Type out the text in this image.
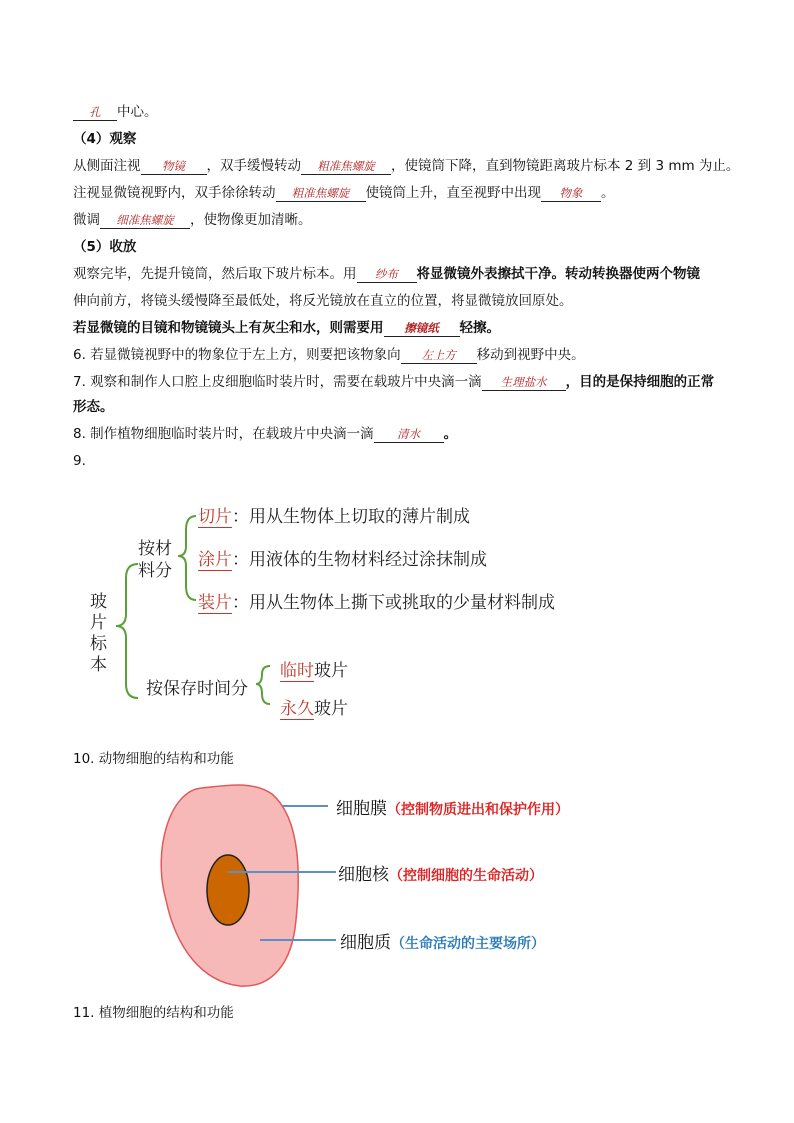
孔 中心。
（4）观察
从侧面注视 物镜 ，双手缓慢转动 粗准焦螺旋 ，使镜筒下降，直到物镜距离玻片标本 2 到 3 mm 为止。
注视显微镜视野内，双手徐徐转动 粗准焦螺旋 使镜筒上升，直至视野中出现 物象 。
微调 细准焦螺旋 ，使物像更加清晰。
（5）收放
观察完毕，先提升镜筒，然后取下玻片标本。用 纱布 将显微镜外表擦拭干净。转动转换器使两个物镜
伸向前方，将镜头缓慢降至最低处，将反光镜放在直立的位置，将显微镜放回原处。
若显微镜的目镜和物镜镜头上有灰尘和水，则需要用 擦镜纸 轻擦。
6. 若显微镜视野中的物象位于左上方，则要把该物象向 左上方 移动到视野中央。
7. 观察和制作人口腔上皮细胞临时装片时，需要在载玻片中央滴一滴 生理盐水 ，目的是保持细胞的正常
形态。
8. 制作植物细胞临时装片时，在载玻片中央滴一滴 清水 。
9.
玻片标本
按材料分
按保存时间分
切片：用从生物体上切取的薄片制成
涂片：用液体的生物材料经过涂抹制成
装片：用从生物体上撕下或挑取的少量材料制成
临时玻片
永久玻片
10. 动物细胞的结构和功能
细胞膜（控制物质进出和保护作用）
细胞核（控制细胞的生命活动）
细胞质（生命活动的主要场所）
11. 植物细胞的结构和功能
